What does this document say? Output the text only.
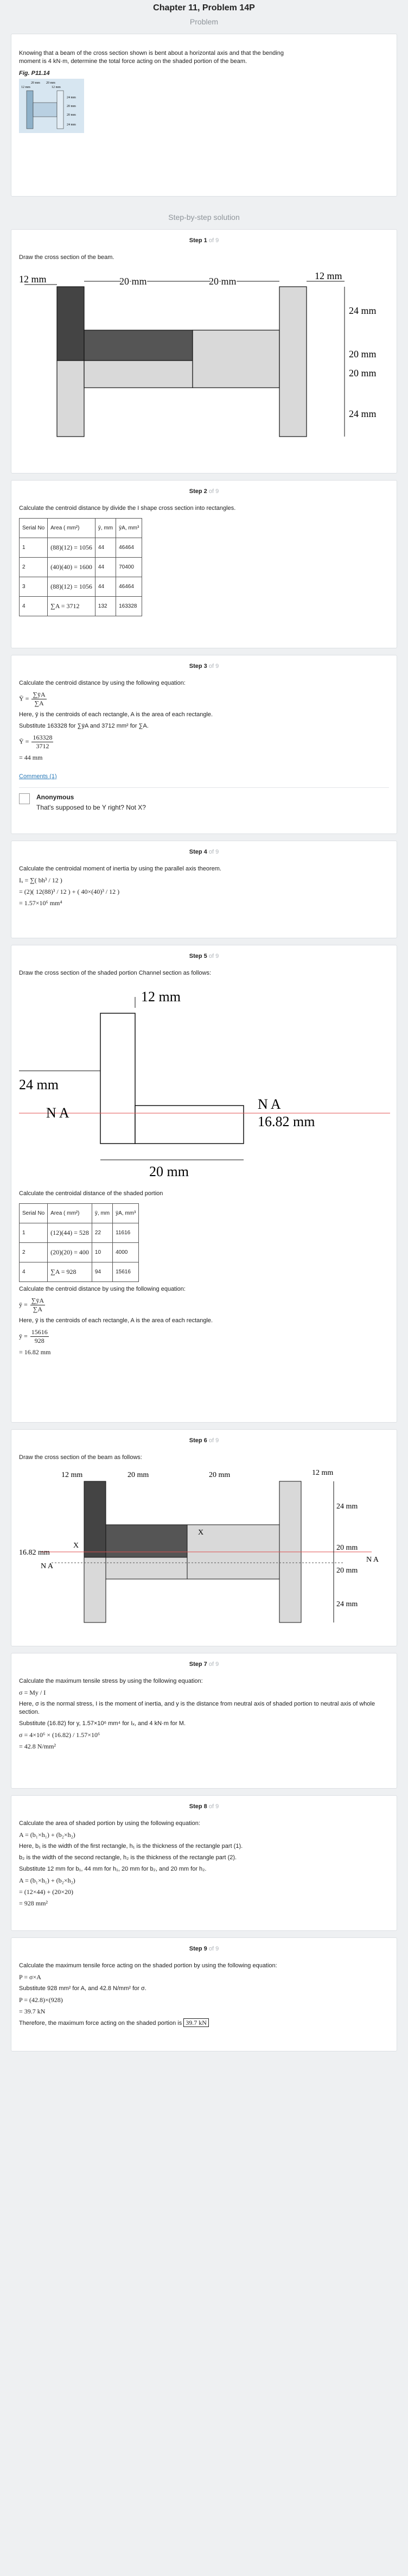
Chapter 11, Problem 14P
Problem

Knowing that a beam of the cross section shown is bent about a horizontal axis and that the bending moment is 4 kN·m, determine the total force acting on the shaded portion of the beam.

Fig. P11.14
20 mm 20 mm
12 mm	12 mm
24 mm
20 mm
20 mm
24 mm
Step-by-step solution
Step 1 of 9

Draw the cross section of the beam.

12 mm	20 mm	20 mm	12 mm
24 mm
20 mm
20 mm
24 mm
Step 2 of 9

Calculate the centroid distance by divide the I shape cross section into rectangles.

Serial No	Area ( mm²)	ȳ, mm	ȳA, mm³
1	(88)(12) = 1056	44	46464
2	(40)(40) = 1600	44	70400
3	(88)(12) = 1056	44	46464
4	∑A = 3712	132	163328
Step 3 of 9

Calculate the centroid distance by using the following equation:

Ȳ = $\frac{\sum ȳA}{\sum A}$

Here, ȳ is the centroids of each rectangle, A is the area of each rectangle.

Substitute 163328 for ∑ȳA and 3712 mm² for ∑A.

Ȳ = $\frac{163328}{3712}$

= 44 mm

Comments (1)
Anonymous
That's supposed to be Y right? Not X?
Step 4 of 9

Calculate the centroidal moment of inertia by using the parallel axis theorem.

Iₓ = ∑( bh³ / 12 )

= (2)( 12(88)³ / 12 ) + ( 40×(40)³ / 12 )

= 1.57×10⁶ mm⁴

Step 5 of 9

Draw the cross section of the shaded portion Channel section as follows:

12 mm
24 mm
N A
N A
16.82 mm
20 mm

Calculate the centroidal distance of the shaded portion

Serial No	Area ( mm²)	ȳ, mm	ȳA, mm³
1	(12)(44) = 528	22	11616
2	(20)(20) = 400	10	4000
4	∑A = 928	94	15616

Calculate the centroid distance by using the following equation:

ȳ = $\frac{\sum ȳA}{\sum A}$

Here, ȳ is the centroids of each rectangle, A is the area of each rectangle.

ȳ = $\frac{15616}{928}$

= 16.82 mm

Step 6 of 9

Draw the cross section of the beam as follows:

12 mm	20 mm	20 mm	12 mm
24 mm
20 mm
20 mm
24 mm
16.82 mm
N A
N A
X
X
Step 7 of 9

Calculate the maximum tensile stress by using the following equation:

σ = My / I

Here, σ is the normal stress, I is the moment of inertia, and y is the distance from neutral axis of shaded portion to neutral axis of whole section.

Substitute (16.82) for y, 1.57×10⁶ mm⁴ for Iₓ, and 4 kN·m for M.

σ = 4×10⁶ × (16.82) / 1.57×10⁶

= 42.8 N/mm²

Step 8 of 9

Calculate the area of shaded portion by using the following equation:

A = (b₁×h₁) + (b₂×h₂)

Here, b₁ is the width of the first rectangle, h₁ is the thickness of the rectangle part (1).

b₂ is the width of the second rectangle, h₂ is the thickness of the rectangle part (2).

Substitute 12 mm for b₁, 44 mm for h₁, 20 mm for b₂, and 20 mm for h₂.

A = (b₁×h₁) + (b₂×h₂)

= (12×44) + (20×20)

= 928 mm²

Step 9 of 9

Calculate the maximum tensile force acting on the shaded portion by using the following equation:

P = σ×A

Substitute 928 mm² for A, and 42.8 N/mm² for σ.

P = (42.8)×(928)

= 39.7 kN

Therefore, the maximum force acting on the shaded portion is 39.7 kN
